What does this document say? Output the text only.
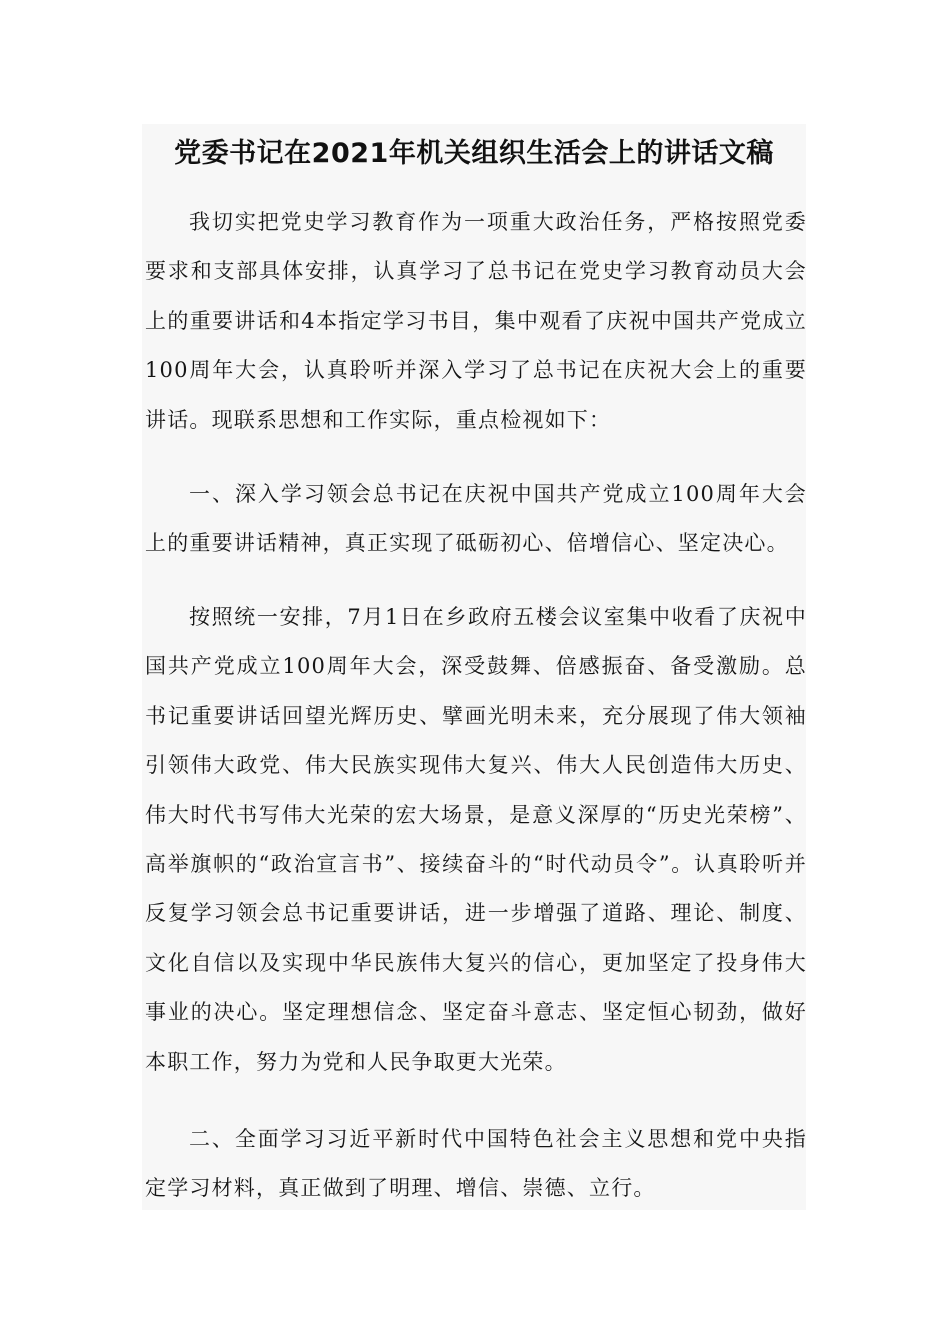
党委书记在2021年机关组织生活会上的讲话文稿

我切实把党史学习教育作为一项重大政治任务，严格按照党委要求和支部具体安排，认真学习了总书记在党史学习教育动员大会上的重要讲话和4本指定学习书目，集中观看了庆祝中国共产党成立100周年大会，认真聆听并深入学习了总书记在庆祝大会上的重要讲话。现联系思想和工作实际，重点检视如下：

一、深入学习领会总书记在庆祝中国共产党成立100周年大会上的重要讲话精神，真正实现了砥砺初心、倍增信心、坚定决心。

按照统一安排，7月1日在乡政府五楼会议室集中收看了庆祝中国共产党成立100周年大会，深受鼓舞、倍感振奋、备受激励。总书记重要讲话回望光辉历史、擘画光明未来，充分展现了伟大领袖引领伟大政党、伟大民族实现伟大复兴、伟大人民创造伟大历史、伟大时代书写伟大光荣的宏大场景，是意义深厚的“历史光荣榜”、高举旗帜的“政治宣言书”、接续奋斗的“时代动员令”。认真聆听并反复学习领会总书记重要讲话，进一步增强了道路、理论、制度、文化自信以及实现中华民族伟大复兴的信心，更加坚定了投身伟大事业的决心。坚定理想信念、坚定奋斗意志、坚定恒心韧劲，做好本职工作，努力为党和人民争取更大光荣。

二、全面学习习近平新时代中国特色社会主义思想和党中央指定学习材料，真正做到了明理、增信、崇德、立行。
